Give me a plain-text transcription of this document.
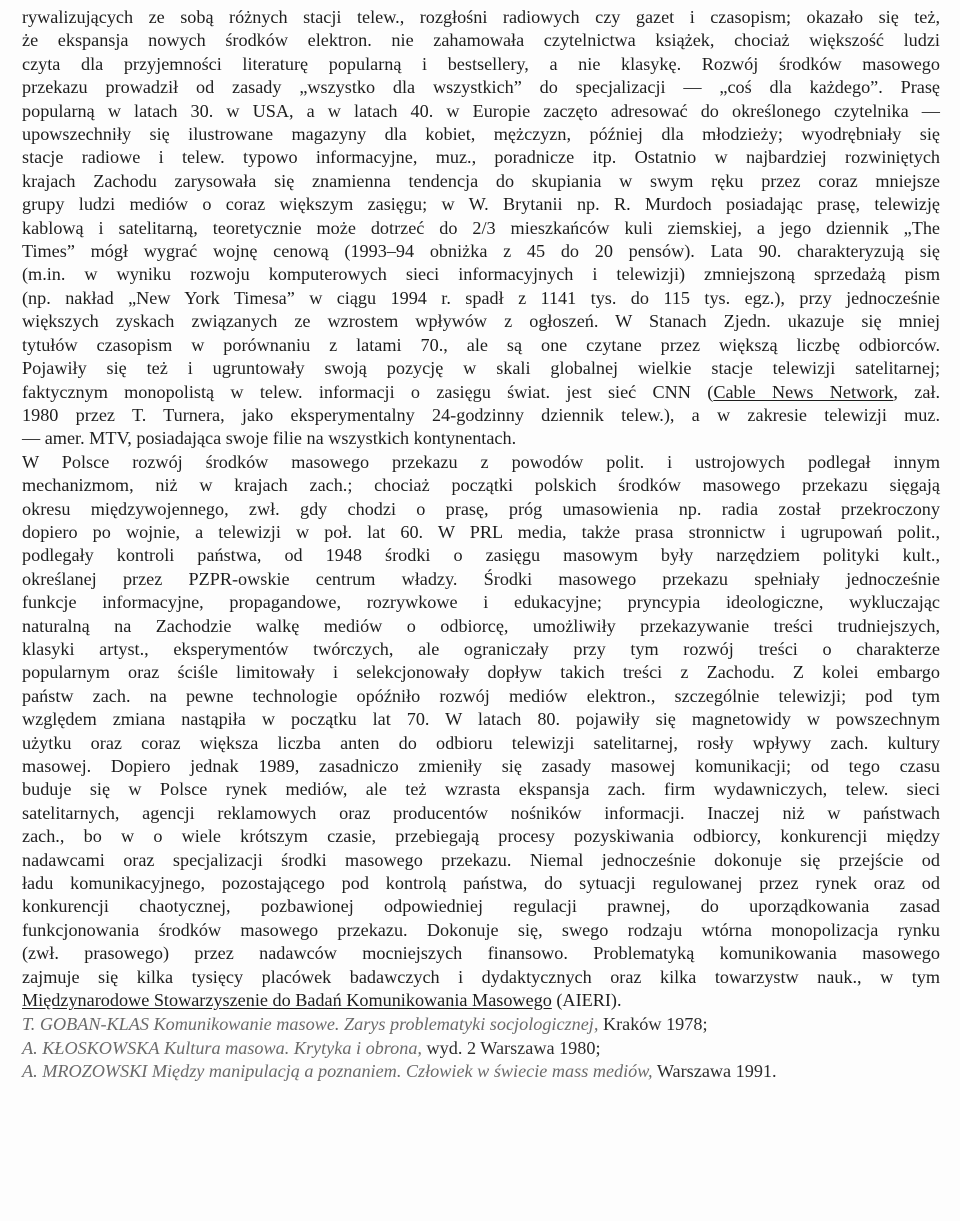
rywalizujących ze sobą różnych stacji telew., rozgłośni radiowych czy gazet i czasopism; okazało się też,
że ekspansja nowych środków elektron. nie zahamowała czytelnictwa książek, chociaż większość ludzi
czyta dla przyjemności literaturę popularną i bestsellery, a nie klasykę. Rozwój środków masowego
przekazu prowadził od zasady „wszystko dla wszystkich” do specjalizacji — „coś dla każdego”. Prasę
popularną w latach 30. w USA, a w latach 40. w Europie zaczęto adresować do określonego czytelnika —
upowszechniły się ilustrowane magazyny dla kobiet, mężczyzn, później dla młodzieży; wyodrębniały się
stacje radiowe i telew. typowo informacyjne, muz., poradnicze itp. Ostatnio w najbardziej rozwiniętych
krajach Zachodu zarysowała się znamienna tendencja do skupiania w swym ręku przez coraz mniejsze
grupy ludzi mediów o coraz większym zasięgu; w W. Brytanii np. R. Murdoch posiadając prasę, telewizję
kablową i satelitarną, teoretycznie może dotrzeć do 2/3 mieszkańców kuli ziemskiej, a jego dziennik „The
Times” mógł wygrać wojnę cenową (1993–94 obniżka z 45 do 20 pensów). Lata 90. charakteryzują się
(m.in. w wyniku rozwoju komputerowych sieci informacyjnych i telewizji) zmniejszoną sprzedażą pism
(np. nakład „New York Timesa” w ciągu 1994 r. spadł z 1141 tys. do 115 tys. egz.), przy jednocześnie
większych zyskach związanych ze wzrostem wpływów z ogłoszeń. W Stanach Zjedn. ukazuje się mniej
tytułów czasopism w porównaniu z latami 70., ale są one czytane przez większą liczbę odbiorców.
Pojawiły się też i ugruntowały swoją pozycję w skali globalnej wielkie stacje telewizji satelitarnej;
faktycznym monopolistą w telew. informacji o zasięgu świat. jest sieć CNN (Cable News Network, zał.
1980 przez T. Turnera, jako eksperymentalny 24-godzinny dziennik telew.), a w zakresie telewizji muz.
— amer. MTV, posiadająca swoje filie na wszystkich kontynentach.
W Polsce rozwój środków masowego przekazu z powodów polit. i ustrojowych podlegał innym
mechanizmom, niż w krajach zach.; chociaż początki polskich środków masowego przekazu sięgają
okresu międzywojennego, zwł. gdy chodzi o prasę, próg umasowienia np. radia został przekroczony
dopiero po wojnie, a telewizji w poł. lat 60. W PRL media, także prasa stronnictw i ugrupowań polit.,
podlegały kontroli państwa, od 1948 środki o zasięgu masowym były narzędziem polityki kult.,
określanej przez PZPR-owskie centrum władzy. Środki masowego przekazu spełniały jednocześnie
funkcje informacyjne, propagandowe, rozrywkowe i edukacyjne; pryncypia ideologiczne, wykluczając
naturalną na Zachodzie walkę mediów o odbiorcę, umożliwiły przekazywanie treści trudniejszych,
klasyki artyst., eksperymentów twórczych, ale ograniczały przy tym rozwój treści o charakterze
popularnym oraz ściśle limitowały i selekcjonowały dopływ takich treści z Zachodu. Z kolei embargo
państw zach. na pewne technologie opóźniło rozwój mediów elektron., szczególnie telewizji; pod tym
względem zmiana nastąpiła w początku lat 70. W latach 80. pojawiły się magnetowidy w powszechnym
użytku oraz coraz większa liczba anten do odbioru telewizji satelitarnej, rosły wpływy zach. kultury
masowej. Dopiero jednak 1989, zasadniczo zmieniły się zasady masowej komunikacji; od tego czasu
buduje się w Polsce rynek mediów, ale też wzrasta ekspansja zach. firm wydawniczych, telew. sieci
satelitarnych, agencji reklamowych oraz producentów nośników informacji. Inaczej niż w państwach
zach., bo w o wiele krótszym czasie, przebiegają procesy pozyskiwania odbiorcy, konkurencji między
nadawcami oraz specjalizacji środki masowego przekazu. Niemal jednocześnie dokonuje się przejście od
ładu komunikacyjnego, pozostającego pod kontrolą państwa, do sytuacji regulowanej przez rynek oraz od
konkurencji chaotycznej, pozbawionej odpowiedniej regulacji prawnej, do uporządkowania zasad
funkcjonowania środków masowego przekazu. Dokonuje się, swego rodzaju wtórna monopolizacja rynku
(zwł. prasowego) przez nadawców mocniejszych finansowo. Problematyką komunikowania masowego
zajmuje się kilka tysięcy placówek badawczych i dydaktycznych oraz kilka towarzystw nauk., w tym
Międzynarodowe Stowarzyszenie do Badań Komunikowania Masowego (AIERI).
T. GOBAN-KLAS Komunikowanie masowe. Zarys problematyki socjologicznej, Kraków 1978;
A. KŁOSKOWSKA Kultura masowa. Krytyka i obrona, wyd. 2 Warszawa 1980;
A. MROZOWSKI Między manipulacją a poznaniem. Człowiek w świecie mass mediów, Warszawa 1991.
